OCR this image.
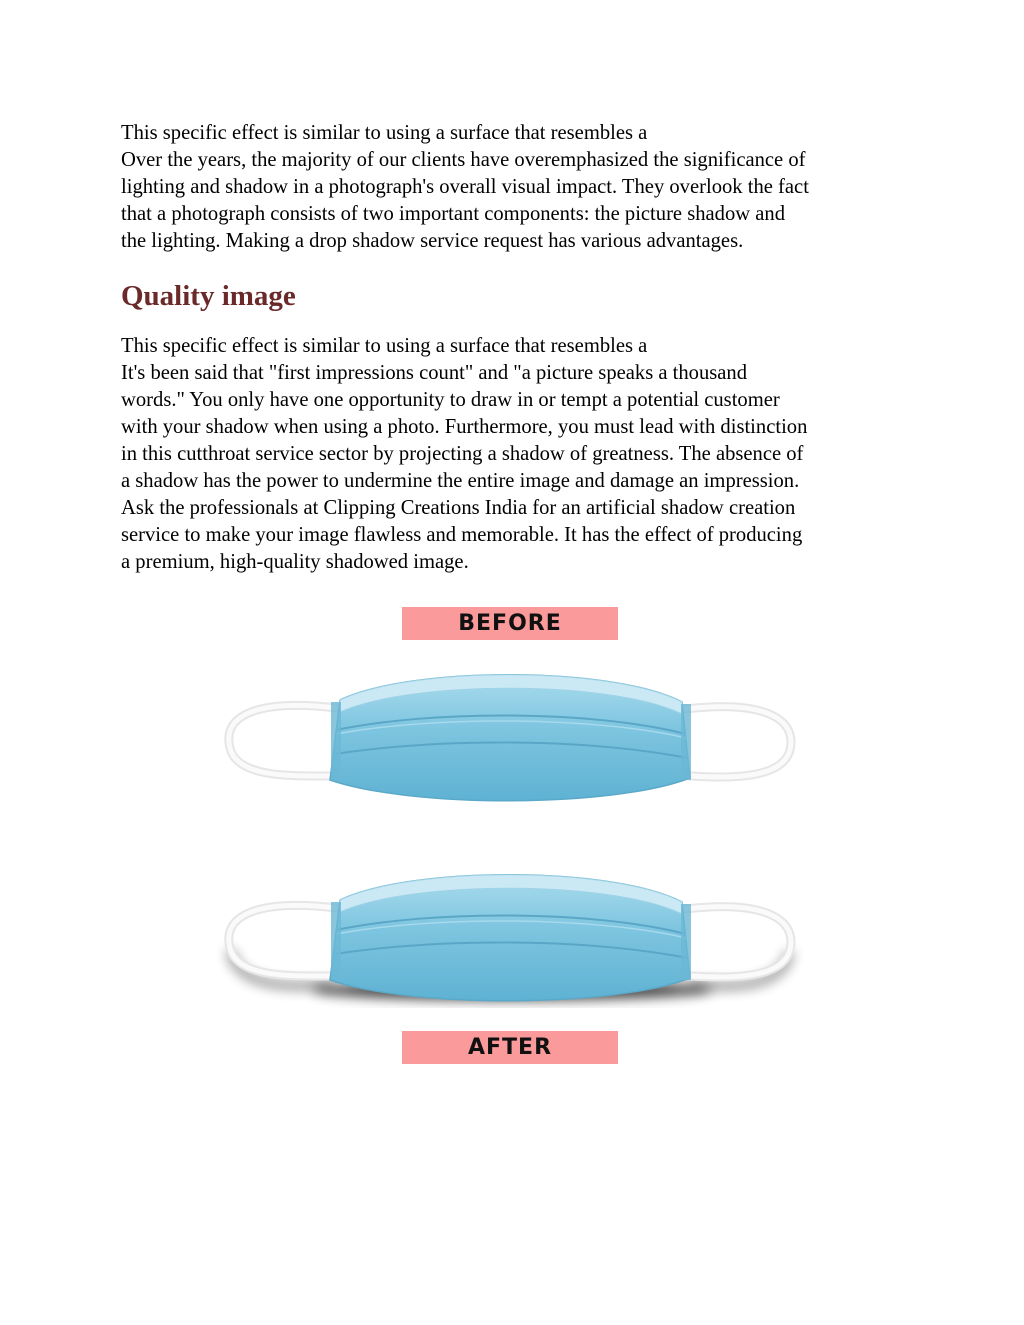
This specific effect is similar to using a surface that resembles a
Over the years, the majority of our clients have overemphasized the significance of
lighting and shadow in a photograph's overall visual impact. They overlook the fact
that a photograph consists of two important components: the picture shadow and
the lighting. Making a drop shadow service request has various advantages.

Quality image

This specific effect is similar to using a surface that resembles a
It's been said that "first impressions count" and "a picture speaks a thousand
words." You only have one opportunity to draw in or tempt a potential customer
with your shadow when using a photo. Furthermore, you must lead with distinction
in this cutthroat service sector by projecting a shadow of greatness. The absence of
a shadow has the power to undermine the entire image and damage an impression.
Ask the professionals at Clipping Creations India for an artificial shadow creation
service to make your image flawless and memorable. It has the effect of producing
a premium, high-quality shadowed image.

BEFORE
AFTER
